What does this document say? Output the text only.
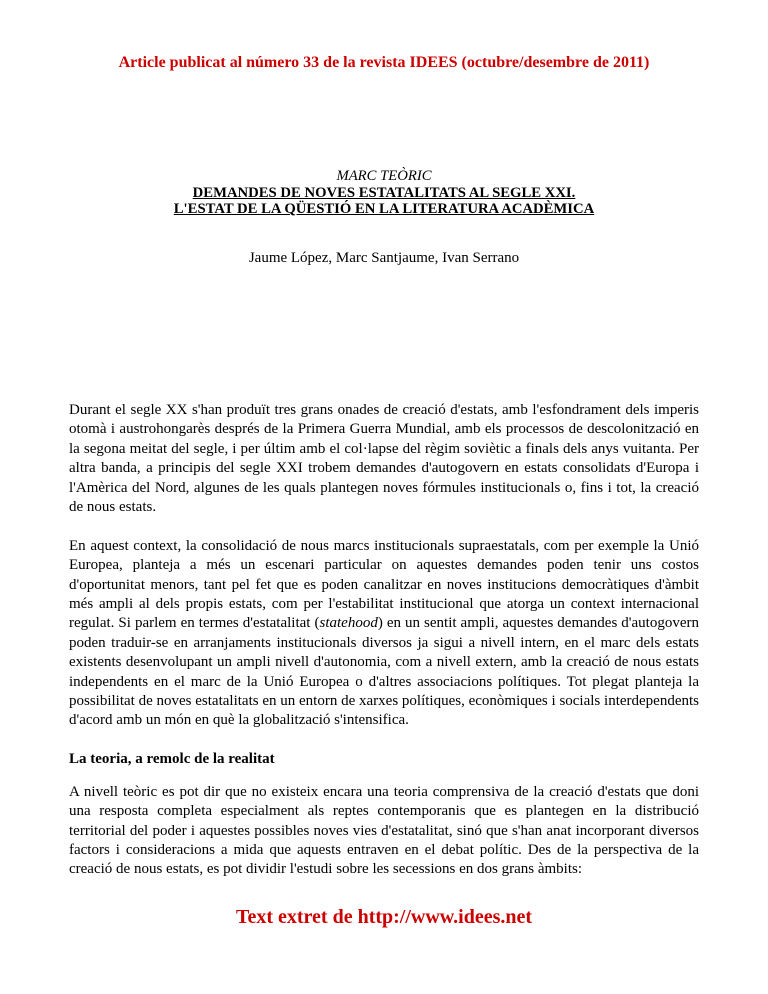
Article publicat al número 33 de la revista IDEES (octubre/desembre de 2011)
MARC TEÒRIC
DEMANDES DE NOVES ESTATALITATS AL SEGLE XXI.
L'ESTAT DE LA QÜESTIÓ EN LA LITERATURA ACADÈMICA
Jaume López, Marc Santjaume, Ivan Serrano

Durant el segle XX s'han produït tres grans onades de creació d'estats, amb l'esfondrament dels imperis otomà i austrohongarès després de la Primera Guerra Mundial, amb els processos de descolonització en la segona meitat del segle, i per últim amb el col·lapse del règim soviètic a finals dels anys vuitanta. Per altra banda, a principis del segle XXI trobem demandes d'autogovern en estats consolidats d'Europa i l'Amèrica del Nord, algunes de les quals plantegen noves fórmules institucionals o, fins i tot, la creació de nous estats.

En aquest context, la consolidació de nous marcs institucionals supraestatals, com per exemple la Unió Europea, planteja a més un escenari particular on aquestes demandes poden tenir uns costos d'oportunitat menors, tant pel fet que es poden canalitzar en noves institucions democràtiques d'àmbit més ampli al dels propis estats, com per l'estabilitat institucional que atorga un context internacional regulat. Si parlem en termes d'estatalitat (statehood) en un sentit ampli, aquestes demandes d'autogovern poden traduir-se en arranjaments institucionals diversos ja sigui a nivell intern, en el marc dels estats existents desenvolupant un ampli nivell d'autonomia, com a nivell extern, amb la creació de nous estats independents en el marc de la Unió Europea o d'altres associacions polítiques. Tot plegat planteja la possibilitat de noves estatalitats en un entorn de xarxes polítiques, econòmiques i socials interdependents d'acord amb un món en què la globalització s'intensifica.

La teoria, a remolc de la realitat

A nivell teòric es pot dir que no existeix encara una teoria comprensiva de la creació d'estats que doni una resposta completa especialment als reptes contemporanis que es plantegen en la distribució territorial del poder i aquestes possibles noves vies d'estatalitat, sinó que s'han anat incorporant diversos factors i consideracions a mida que aquests entraven en el debat polític. Des de la perspectiva de la creació de nous estats, es pot dividir l'estudi sobre les secessions en dos grans àmbits:

Text extret de http://www.idees.net
